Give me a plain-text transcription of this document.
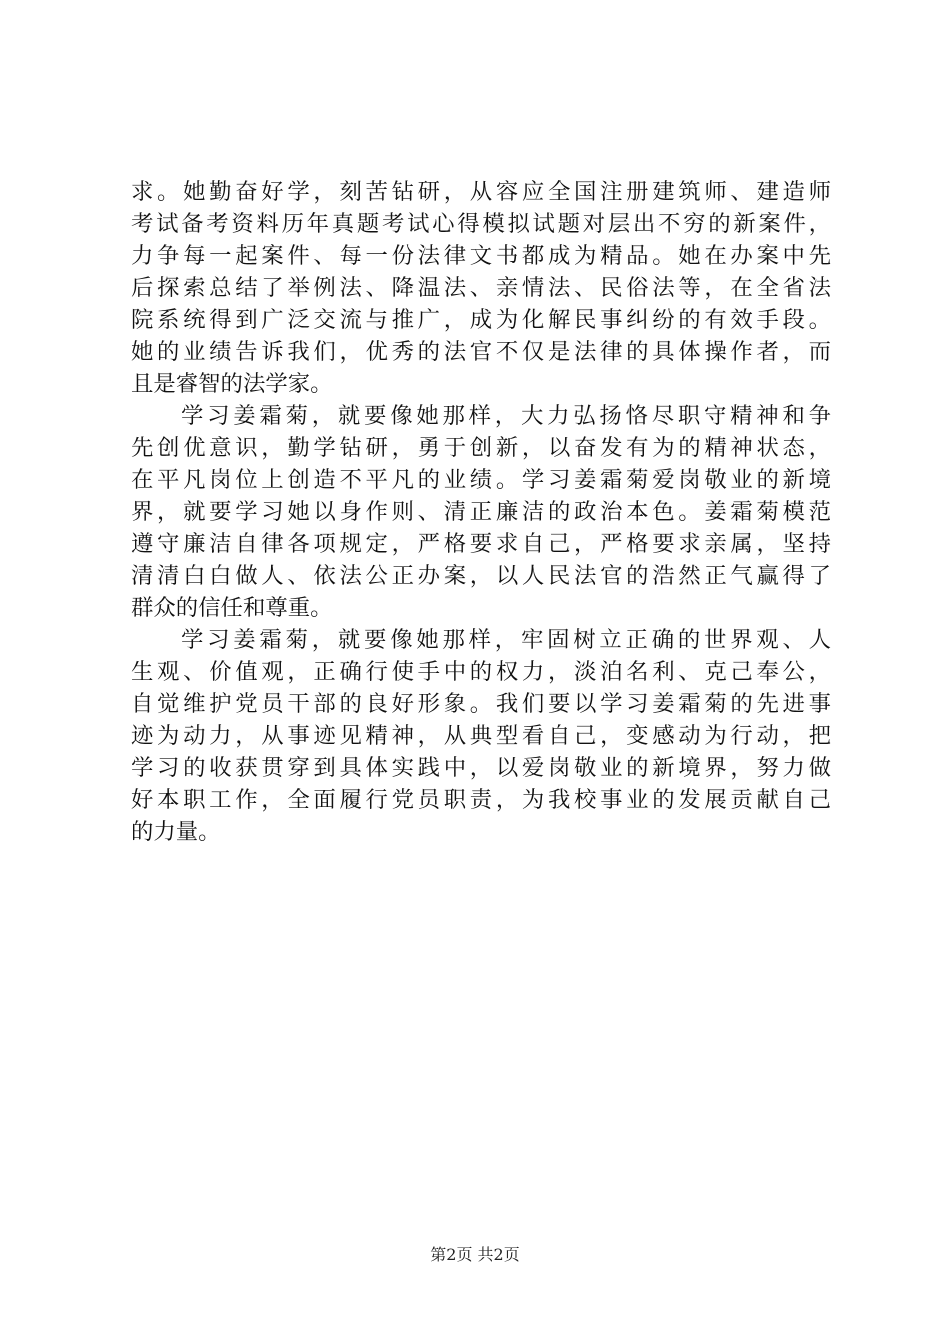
求。她勤奋好学，刻苦钻研，从容应全国注册建筑师、建造师
考试备考资料历年真题考试心得模拟试题对层出不穷的新案件，
力争每一起案件、每一份法律文书都成为精品。她在办案中先
后探索总结了举例法、降温法、亲情法、民俗法等，在全省法
院系统得到广泛交流与推广，成为化解民事纠纷的有效手段。
她的业绩告诉我们，优秀的法官不仅是法律的具体操作者，而
且是睿智的法学家。
学习姜霜菊，就要像她那样，大力弘扬恪尽职守精神和争
先创优意识，勤学钻研，勇于创新，以奋发有为的精神状态，
在平凡岗位上创造不平凡的业绩。学习姜霜菊爱岗敬业的新境
界，就要学习她以身作则、清正廉洁的政治本色。姜霜菊模范
遵守廉洁自律各项规定，严格要求自己，严格要求亲属，坚持
清清白白做人、依法公正办案，以人民法官的浩然正气赢得了
群众的信任和尊重。
学习姜霜菊，就要像她那样，牢固树立正确的世界观、人
生观、价值观，正确行使手中的权力，淡泊名利、克己奉公，
自觉维护党员干部的良好形象。我们要以学习姜霜菊的先进事
迹为动力，从事迹见精神，从典型看自己，变感动为行动，把
学习的收获贯穿到具体实践中，以爱岗敬业的新境界，努力做
好本职工作，全面履行党员职责，为我校事业的发展贡献自己
的力量。
第2页 共2页
